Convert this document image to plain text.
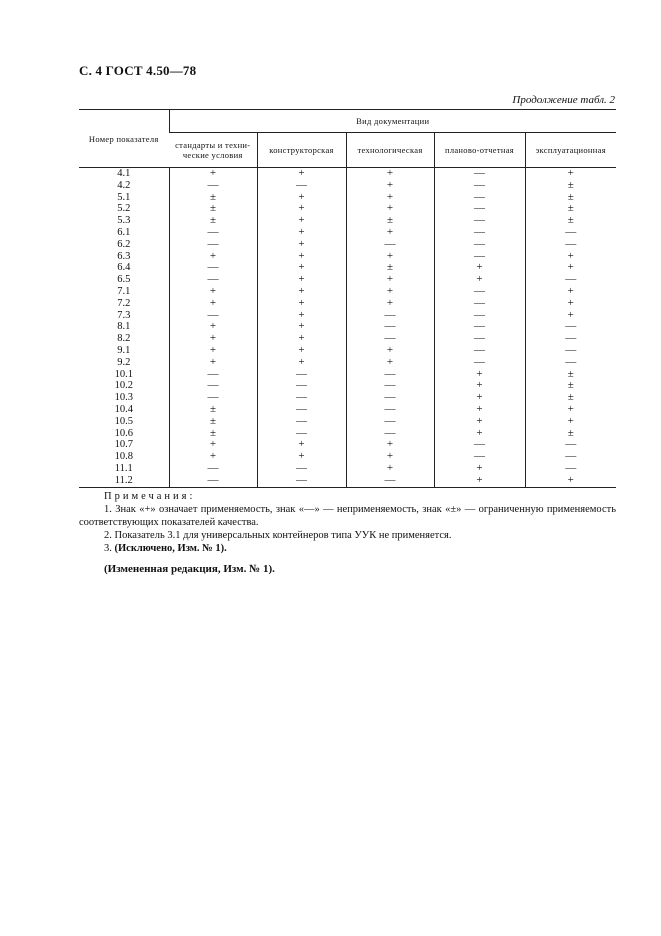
С. 4 ГОСТ 4.50—78
Продолжение табл. 2
Номер показателя	Вид документации				
	стандарты и техни-ческие условия	конструкторская	технологическая	планово-отчетная	эксплуатационная
4.1	+	+	+	—	+
4.2	—	—	+	—	±
5.1	±	+	+	—	±
5.2	±	+	+	—	±
5.3	±	+	±	—	±
6.1	—	+	+	—	—
6.2	—	+	—	—	—
6.3	+	+	+	—	+
6.4	—	+	±	+	+
6.5	—	+	+	+	—
7.1	+	+	+	—	+
7.2	+	+	+	—	+
7.3	—	+	—	—	+
8.1	+	+	—	—	—
8.2	+	+	—	—	—
9.1	+	+	+	—	—
9.2	+	+	+	—	—
10.1	—	—	—	+	±
10.2	—	—	—	+	±
10.3	—	—	—	+	±
10.4	±	—	—	+	+
10.5	±	—	—	+	+
10.6	±	—	—	+	±
10.7	+	+	+	—	—
10.8	+	+	+	—	—
11.1	—	—	+	+	—
11.2	—	—	—	+	+

Примечания:

1. Знак «+» означает применяемость, знак «—» — неприменяемость, знак «±» — ограниченную применяемость соответствующих показателей качества.

2. Показатель 3.1 для универсальных контейнеров типа УУК не применяется.

3. (Исключено, Изм. № 1).

(Измененная редакция, Изм. № 1).
